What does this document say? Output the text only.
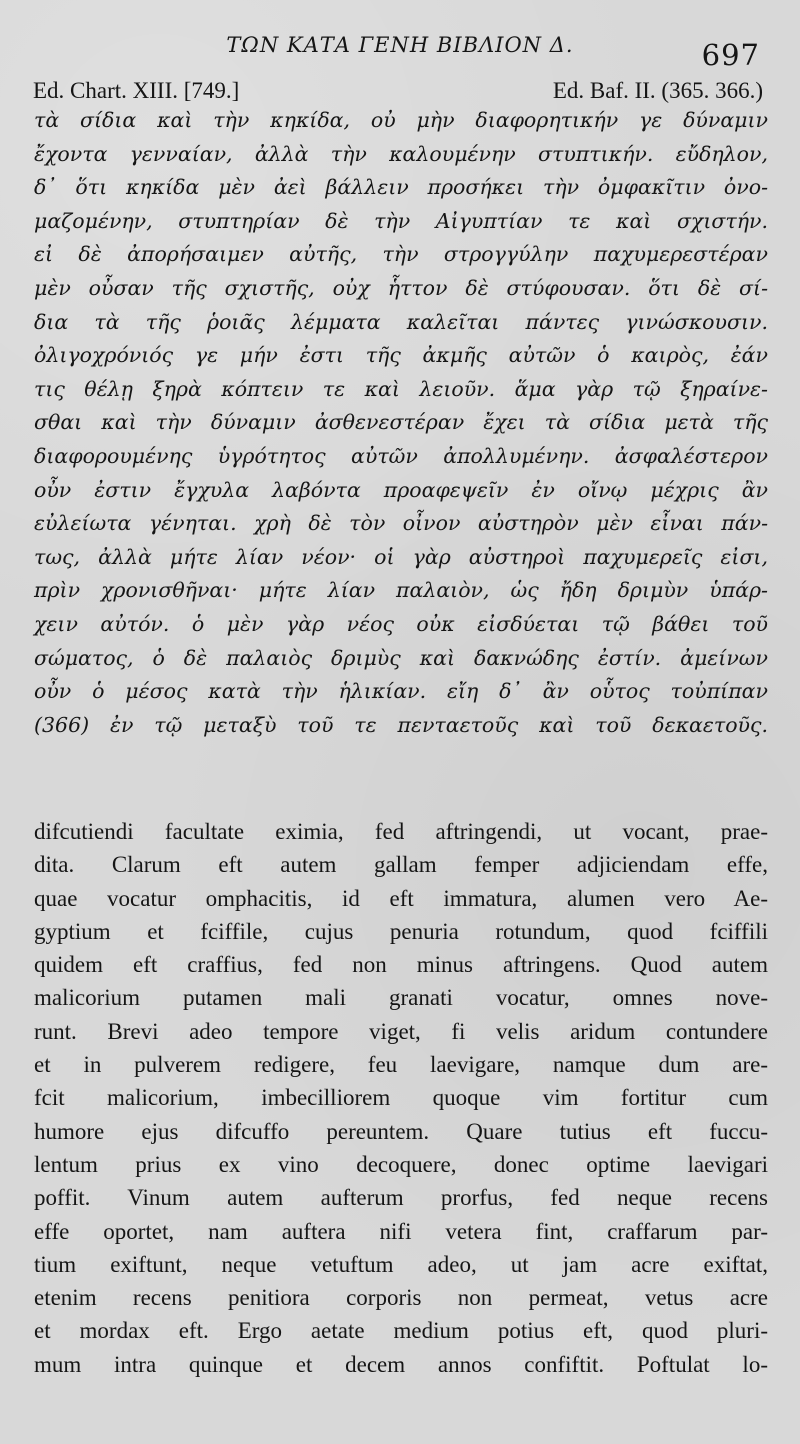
ΤΩΝ ΚΑΤΑ ΓΕΝΗ ΒΙΒΛΙΟΝ Δ.	697
Ed. Chart. XIII. [749.]	Ed. Baf. II. (365. 366.)
τὰ σίδια καὶ τὴν κηκίδα, οὐ μὴν διαφορητικήν γε δύναμιν
ἔχοντα γενναίαν, ἀλλὰ τὴν καλουμένην στυπτικήν. εὔδηλον,
δ᾽ ὅτι κηκίδα μὲν ἀεὶ βάλλειν προσήκει τὴν ὀμφακῖτιν ὀνο-
μαζομένην, στυπτηρίαν δὲ τὴν Αἰγυπτίαν τε καὶ σχιστήν.
εἰ δὲ ἀπορήσαιμεν αὐτῆς, τὴν στρογγύλην παχυμερεστέραν
μὲν οὖσαν τῆς σχιστῆς, οὐχ ἧττον δὲ στύφουσαν. ὅτι δὲ σί-
δια τὰ τῆς ῥοιᾶς λέμματα καλεῖται πάντες γινώσκουσιν.
ὀλιγοχρόνιός γε μήν ἐστι τῆς ἀκμῆς αὐτῶν ὁ καιρὸς, ἐάν
τις θέλῃ ξηρὰ κόπτειν τε καὶ λειοῦν. ἅμα γὰρ τῷ ξηραίνε-
σθαι καὶ τὴν δύναμιν ἀσθενεστέραν ἔχει τὰ σίδια μετὰ τῆς
διαφορουμένης ὑγρότητος αὐτῶν ἀπολλυμένην. ἀσφαλέστερον
οὖν ἐστιν ἔγχυλα λαβόντα προαφεψεῖν ἐν οἴνῳ μέχρις ἂν
εὐλείωτα γένηται. χρὴ δὲ τὸν οἶνον αὐστηρὸν μὲν εἶναι πάν-
τως, ἀλλὰ μήτε λίαν νέον· οἱ γὰρ αὐστηροὶ παχυμερεῖς εἰσι,
πρὶν χρονισθῆναι· μήτε λίαν παλαιὸν, ὡς ἤδη δριμὺν ὑπάρ-
χειν αὐτόν. ὁ μὲν γὰρ νέος οὐκ εἰσδύεται τῷ βάθει τοῦ
σώματος, ὁ δὲ παλαιὸς δριμὺς καὶ δακνώδης ἐστίν. ἀμείνων
οὖν ὁ μέσος κατὰ τὴν ἡλικίαν. εἴη δ᾽ ἂν οὗτος τοὐπίπαν
(366) ἐν τῷ μεταξὺ τοῦ τε πενταετοῦς καὶ τοῦ δεκαετοῦς.
difcutiendi facultate eximia, fed aftringendi, ut vocant, prae-
dita. Clarum eft autem gallam femper adjiciendam effe,
quae vocatur omphacitis, id eft immatura, alumen vero Ae-
gyptium et fciffile, cujus penuria rotundum, quod fciffili
quidem eft craffius, fed non minus aftringens. Quod autem
malicorium putamen mali granati vocatur, omnes nove-
runt. Brevi adeo tempore viget, fi velis aridum contundere
et in pulverem redigere, feu laevigare, namque dum are-
fcit malicorium, imbecilliorem quoque vim fortitur cum
humore ejus difcuffo pereuntem. Quare tutius eft fuccu-
lentum prius ex vino decoquere, donec optime laevigari
poffit. Vinum autem aufterum prorfus, fed neque recens
effe oportet, nam auftera nifi vetera fint, craffarum par-
tium exiftunt, neque vetuftum adeo, ut jam acre exiftat,
etenim recens penitiora corporis non permeat, vetus acre
et mordax eft. Ergo aetate medium potius eft, quod pluri-
mum intra quinque et decem annos confiftit. Poftulat lo-
